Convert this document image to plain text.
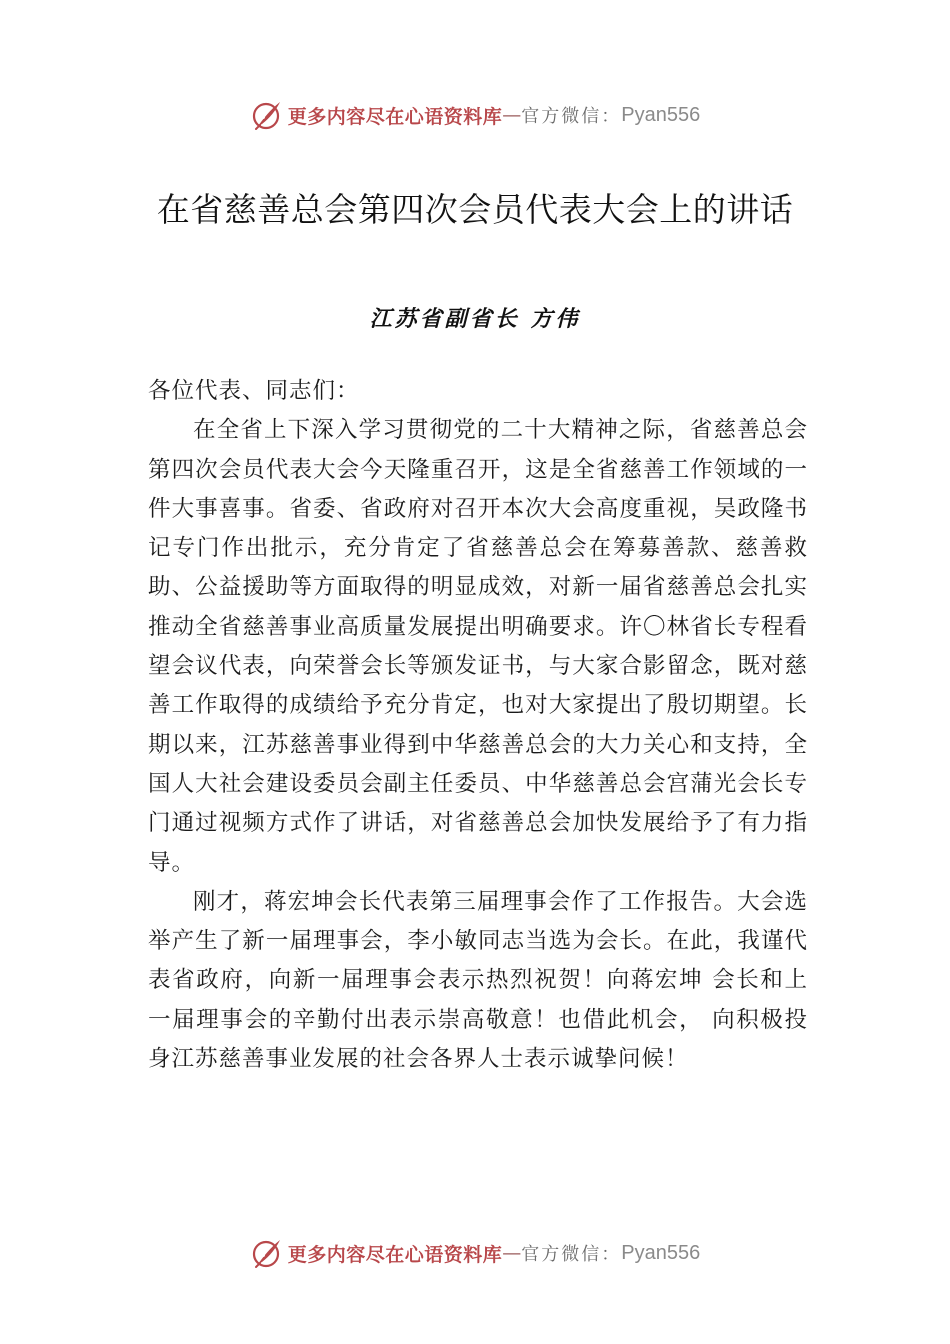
更多内容尽在心语资料库 — 官方微信： Pyan556
在省慈善总会第四次会员代表大会上的讲话
江苏省副省长 方伟

各位代表、同志们：

在全省上下深入学习贯彻党的二十大精神之际，省慈善总会第四次会员代表大会今天隆重召开，这是全省慈善工作领域的一件大事喜事。省委、省政府对召开本次大会高度重视，吴政隆书记专门作出批示，充分肯定了省慈善总会在筹募善款、慈善救助、公益援助等方面取得的明显成效，对新一届省慈善总会扎实推动全省慈善事业高质量发展提出明确要求。许〇林省长专程看望会议代表，向荣誉会长等颁发证书，与大家合影留念，既对慈善工作取得的成绩给予充分肯定，也对大家提出了殷切期望。长期以来，江苏慈善事业得到中华慈善总会的大力关心和支持，全国人大社会建设委员会副主任委员、中华慈善总会宫蒲光会长专门通过视频方式作了讲话，对省慈善总会加快发展给予了有力指导。

刚才，蒋宏坤会长代表第三届理事会作了工作报告。大会选举产生了新一届理事会，李小敏同志当选为会长。在此，我谨代表省政府，向新一届理事会表示热烈祝贺！向蒋宏坤 会长和上一届理事会的辛勤付出表示崇高敬意！也借此机会， 向积极投身江苏慈善事业发展的社会各界人士表示诚挚问候！

更多内容尽在心语资料库 — 官方微信： Pyan556
